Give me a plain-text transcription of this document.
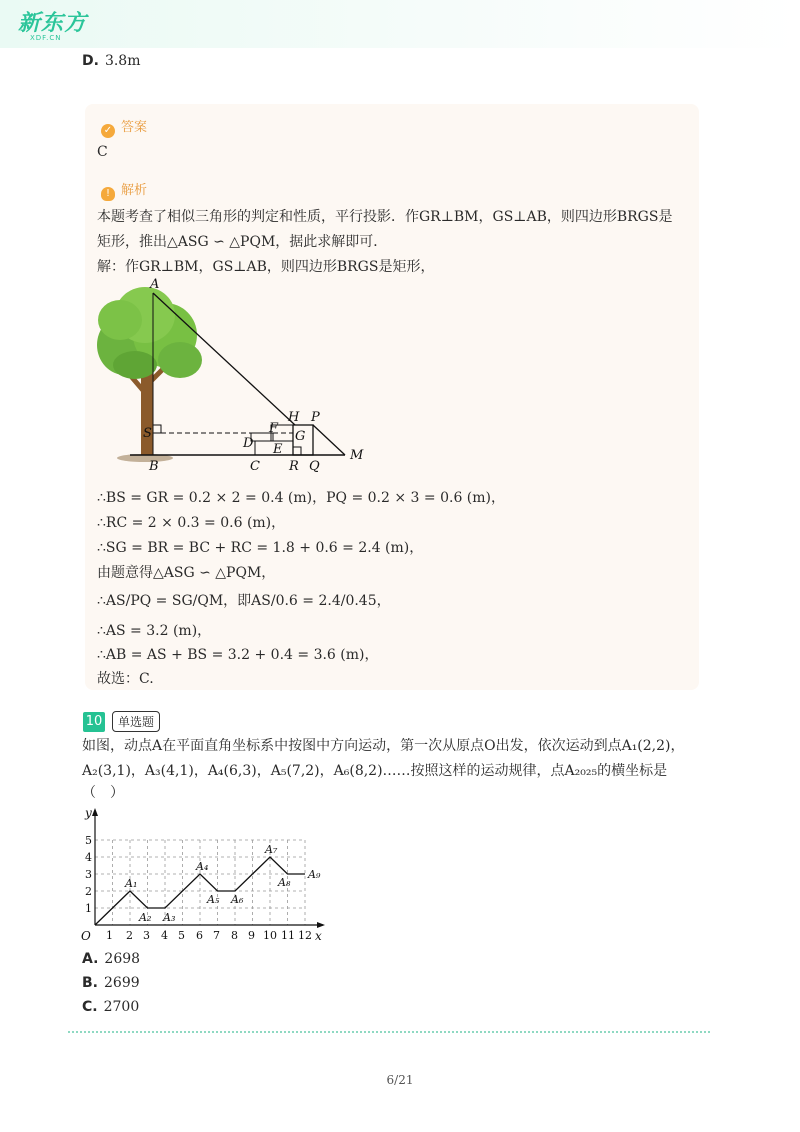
新东方
XDF.CN
D. 3.8m
✓ 答案
C
! 解析
本题考查了相似三角形的判定和性质，平行投影．作GR⊥BM，GS⊥AB，则四边形BRGS是
矩形，推出△ASG ∽ △PQM，据此求解即可．
解：作GR⊥BM，GS⊥AB，则四边形BRGS是矩形，
A
H P
S	F
G
D E
B	C R Q
M
∴BS = GR = 0.2 × 2 = 0.4 (m)，PQ = 0.2 × 3 = 0.6 (m)，
∴RC = 2 × 0.3 = 0.6 (m)，
∴SG = BR = BC + RC = 1.8 + 0.6 = 2.4 (m)，
由题意得△ASG ∽ △PQM，
∴AS/PQ = SG/QM，即AS/0.6 = 2.4/0.45，
∴AS = 3.2 (m)，
∴AB = AS + BS = 3.2 + 0.4 = 3.6 (m)，
故选：C.
10	单选题
如图，动点A在平面直角坐标系中按图中方向运动，第一次从原点O出发，依次运动到点A₁(2,2)，
A₂(3,1)，A₃(4,1)，A₄(6,3)，A₅(7,2)，A₆(8,2)……按照这样的运动规律，点A₂₀₂₅的横坐标是
（　）
1 2 3 4 5 6 7 8 9 10 11 12
1
2
3
4
5
O	x
y
A₁
A₂ A₃
A₄
A₅ A₆
A₇
A₈
A₉
A. 2698
B. 2699
C. 2700
6/21
